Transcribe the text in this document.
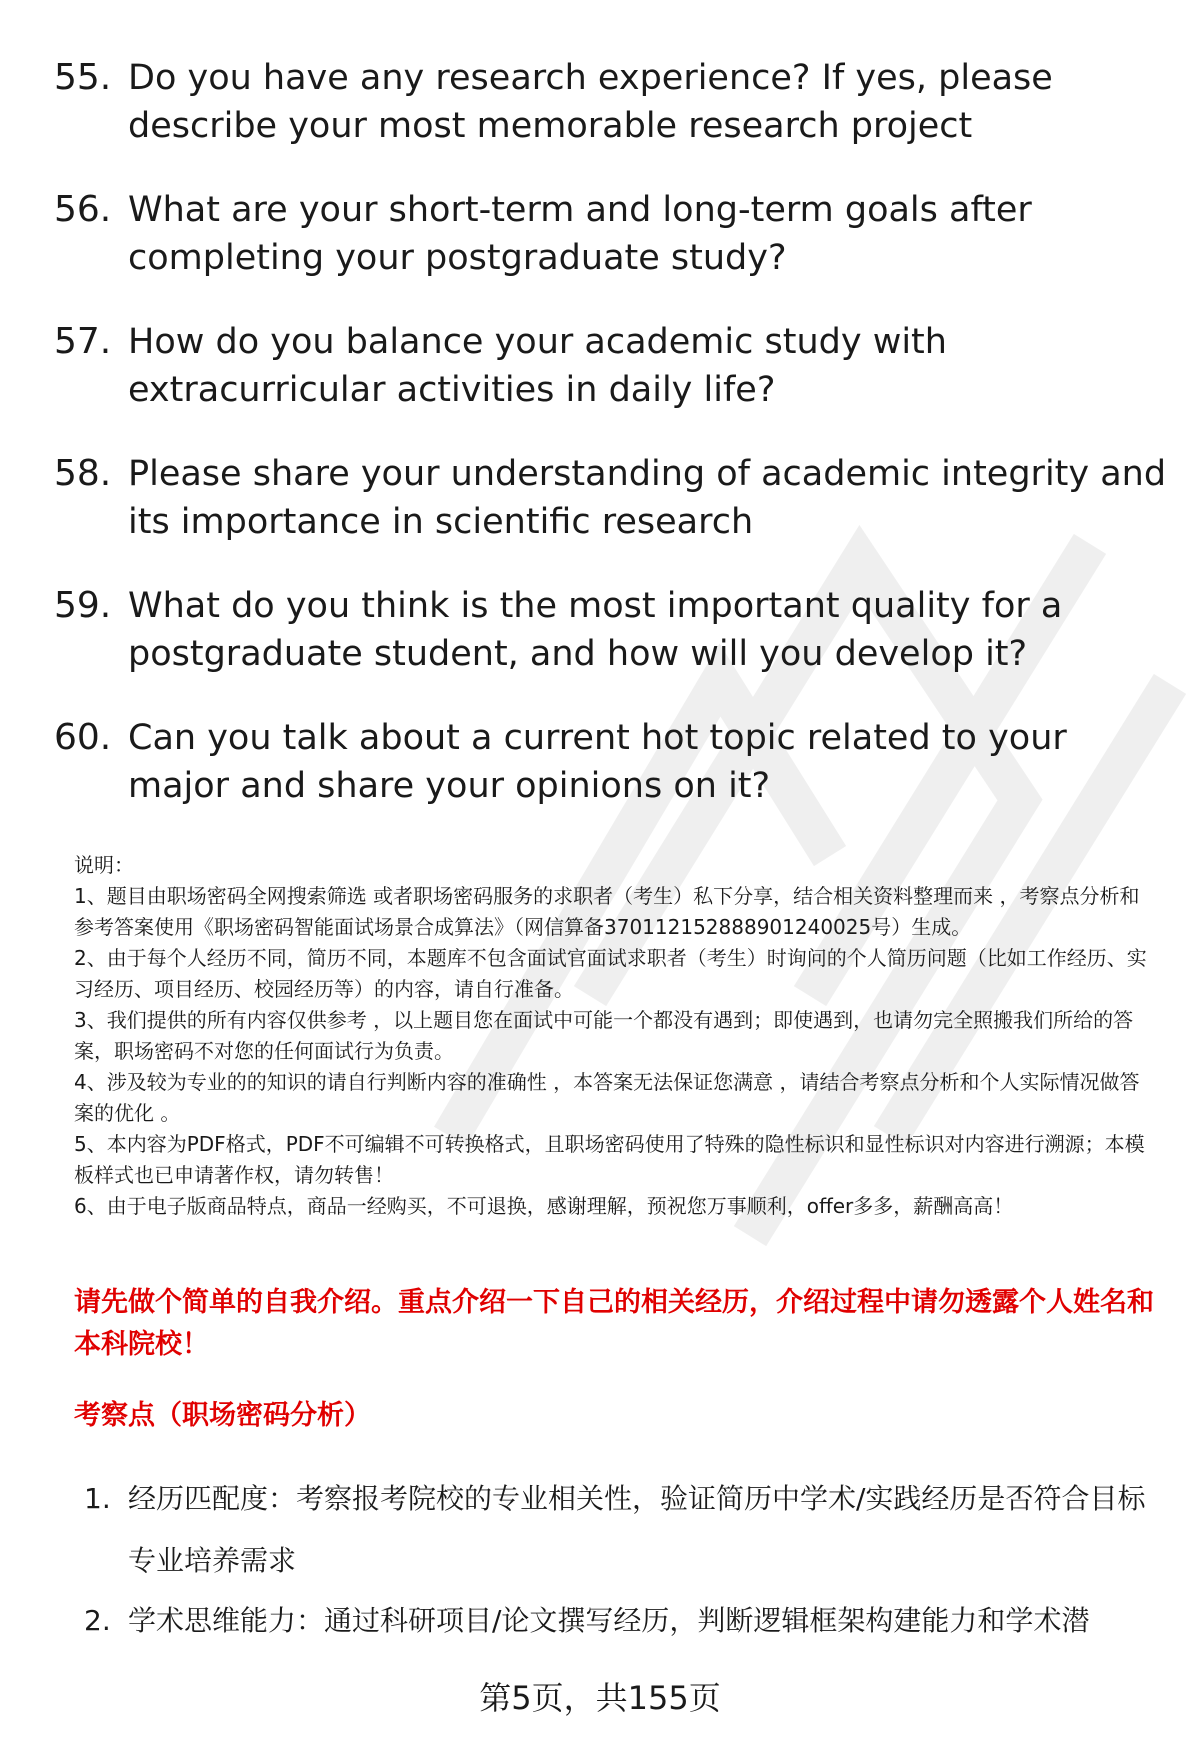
55. Do you have any research experience? If yes, please describe your most memorable research project
56. What are your short-term and long-term goals after completing your postgraduate study?
57. How do you balance your academic study with extracurricular activities in daily life?
58. Please share your understanding of academic integrity and its importance in scientific research
59. What do you think is the most important quality for a postgraduate student, and how will you develop it?
60. Can you talk about a current hot topic related to your major and share your opinions on it?

说明：

1、题目由职场密码全网搜索筛选 或者职场密码服务的求职者（考生）私下分享，结合相关资料整理而来 ，考察点分析和参考答案使用《职场密码智能面试场景合成算法》（网信算备370112152888901240025号）生成。

2、由于每个人经历不同，简历不同，本题库不包含面试官面试求职者（考生）时询问的个人简历问题（比如工作经历、实习经历、项目经历、校园经历等）的内容，请自行准备。

3、我们提供的所有内容仅供参考 ，以上题目您在面试中可能一个都没有遇到；即使遇到，也请勿完全照搬我们所给的答案，职场密码不对您的任何面试行为负责。

4、涉及较为专业的的知识的请自行判断内容的准确性 ，本答案无法保证您满意 ，请结合考察点分析和个人实际情况做答案的优化 。

5、本内容为PDF格式，PDF不可编辑不可转换格式，且职场密码使用了特殊的隐性标识和显性标识对内容进行溯源；本模板样式也已申请著作权，请勿转售！

6、由于电子版商品特点，商品一经购买，不可退换，感谢理解，预祝您万事顺利，offer多多，薪酬高高！

请先做个简单的自我介绍。重点介绍一下自己的相关经历，介绍过程中请勿透露个人姓名和本科院校！
考察点（职场密码分析）
1. 经历匹配度：考察报考院校的专业相关性，验证简历中学术/实践经历是否符合目标专业培养需求
2. 学术思维能力：通过科研项目/论文撰写经历，判断逻辑框架构建能力和学术潜
第5页，共155页
